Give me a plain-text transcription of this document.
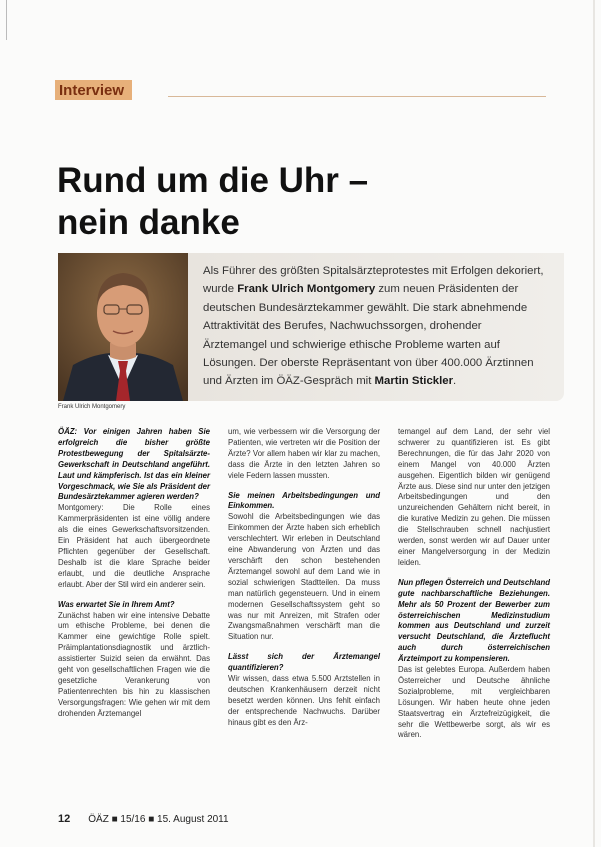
Interview
Rund um die Uhr –
nein danke
Frank Ulrich Montgomery
Als Führer des größten Spitalsärzteprotestes mit Erfolgen dekoriert, wurde Frank Ulrich Montgomery zum neuen Präsidenten der deutschen Bundesärztekammer gewählt. Die stark abnehmende Attraktivität des Berufes, Nachwuchssorgen, drohender Ärztemangel und schwierige ethische Probleme warten auf Lösungen. Der oberste Repräsentant von über 400.000 Ärztinnen und Ärzten im ÖÄZ-Gespräch mit Martin Stickler.

ÖÄZ: Vor einigen Jahren haben Sie erfolgreich die bisher größte Protestbewegung der Spitalsärzte-Gewerkschaft in Deutschland angeführt. Laut und kämpferisch. Ist das ein kleiner Vorgeschmack, wie Sie als Präsident der Bundesärztekammer agieren werden?

Montgomery: Die Rolle eines Kammerpräsidenten ist eine völlig andere als die eines Gewerkschaftsvorsitzenden. Ein Präsident hat auch übergeordnete Pflichten gegenüber der Gesellschaft. Deshalb ist die klare Sprache beider erlaubt, und die deutliche Ansprache erlaubt. Aber der Stil wird ein anderer sein.

Was erwartet Sie in Ihrem Amt?

Zunächst haben wir eine intensive Debatte um ethische Probleme, bei denen die Kammer eine gewichtige Rolle spielt. Präimplantationsdiagnostik und ärztlich-assistierter Suizid seien da erwähnt. Das geht von gesellschaftlichen Fragen wie die gesetzliche Verankerung von Patientenrechten bis hin zu klassischen Versorgungsfragen: Wie gehen wir mit dem drohenden Ärztemangel

um, wie verbessern wir die Versorgung der Patienten, wie vertreten wir die Position der Ärzte? Vor allem haben wir klar zu machen, dass die Ärzte in den letzten Jahren so viele Federn lassen mussten.

Sie meinen Arbeitsbedingungen und Einkommen.

Sowohl die Arbeitsbedingungen wie das Einkommen der Ärzte haben sich erheblich verschlechtert. Wir erleben in Deutschland eine Abwanderung von Ärzten und das verschärft den schon bestehenden Ärztemangel sowohl auf dem Land wie in sozial schwierigen Stadtteilen. Da muss man natürlich gegensteuern. Und in einem modernen Gesellschaftssystem geht so was nur mit Anreizen, mit Strafen oder Zwangsmaßnahmen verschärft man die Situation nur.

Lässt sich der Ärztemangel quantifizieren?

Wir wissen, dass etwa 5.500 Arztstellen in deutschen Krankenhäusern derzeit nicht besetzt werden können. Uns fehlt einfach der entsprechende Nachwuchs. Darüber hinaus gibt es den Ärz-

temangel auf dem Land, der sehr viel schwerer zu quantifizieren ist. Es gibt Berechnungen, die für das Jahr 2020 von einem Mangel von 40.000 Ärzten ausgehen. Eigentlich bilden wir genügend Ärzte aus. Diese sind nur unter den jetzigen Arbeitsbedingungen und den unzureichenden Gehältern nicht bereit, in die kurative Medizin zu gehen. Die müssen die Stellschrauben schnell nachjustiert werden, sonst werden wir auf Dauer unter einer Mangelversorgung in der Medizin leiden.

Nun pflegen Österreich und Deutschland gute nachbarschaftliche Beziehungen. Mehr als 50 Prozent der Bewerber zum österreichischen Medizinstudium kommen aus Deutschland und zurzeit versucht Deutschland, die Ärzteflucht auch durch österreichischen Ärzteimport zu kompensieren.

Das ist gelebtes Europa. Außerdem haben Österreicher und Deutsche ähnliche Sozialprobleme, mit vergleichbaren Lösungen. Wir haben heute ohne jeden Staatsvertrag ein Ärztefreizügigkeit, die sehr die Wettbewerbe sorgt, als wir es wären.

12 ÖÄZ ■ 15/16 ■ 15. August 2011
